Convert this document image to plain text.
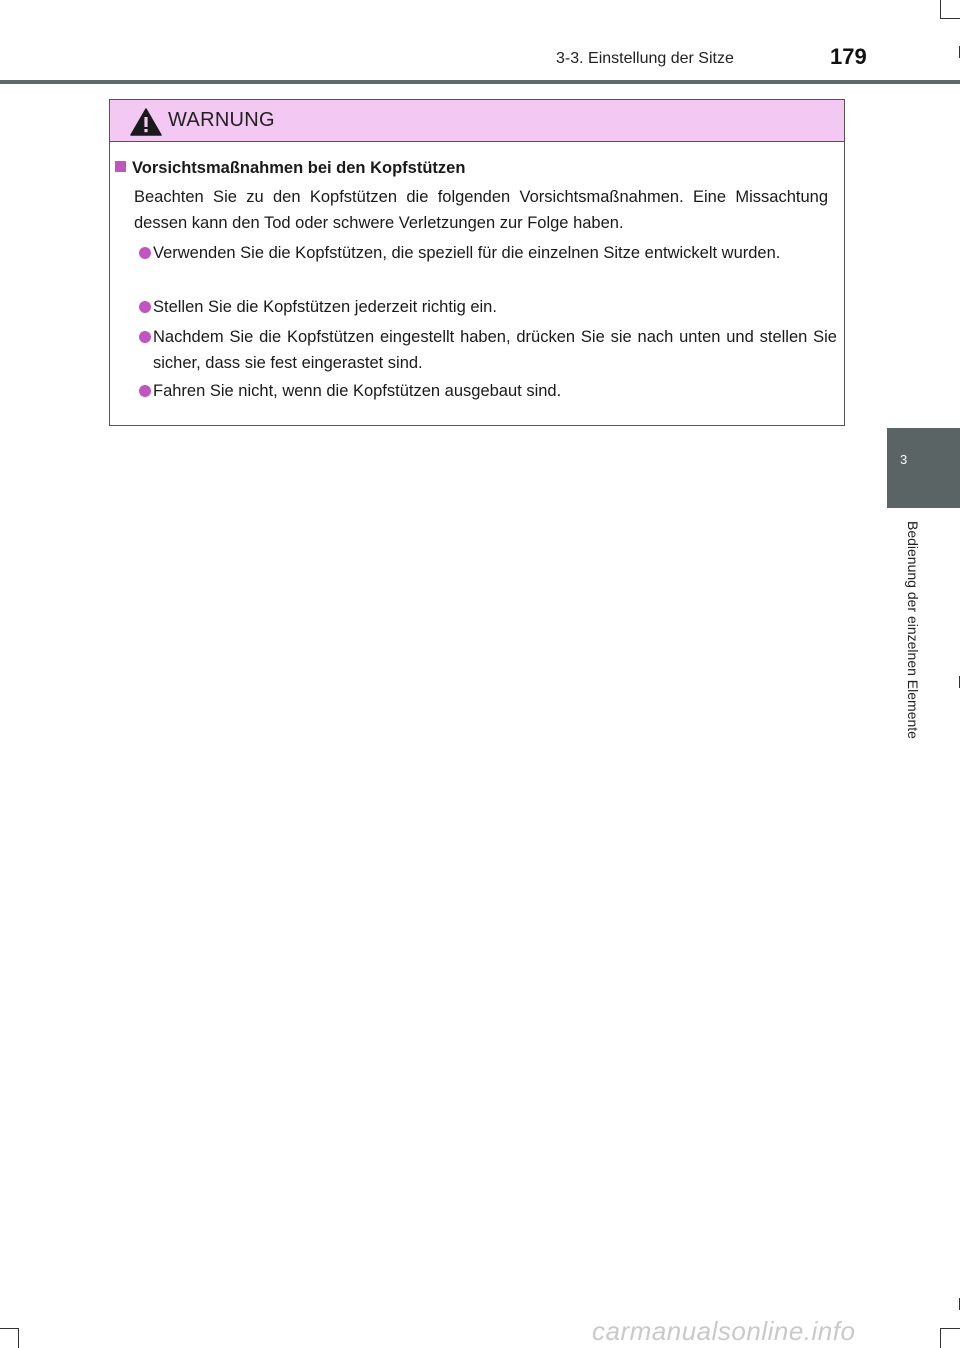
3-3. Einstellung der Sitze	179
3
Bedienung der einzelnen Elemente
WARNUNG
Vorsichtsmaßnahmen bei den Kopfstützen
Beachten Sie zu den Kopfstützen die folgenden Vorsichtsmaßnahmen. Eine Missachtung dessen kann den Tod oder schwere Verletzungen zur Folge haben.
Verwenden Sie die Kopfstützen, die speziell für die einzelnen Sitze entwickelt wurden.
Stellen Sie die Kopfstützen jederzeit richtig ein.
Nachdem Sie die Kopfstützen eingestellt haben, drücken Sie sie nach unten und stellen Sie sicher, dass sie fest eingerastet sind.
Fahren Sie nicht, wenn die Kopfstützen ausgebaut sind.
carmanualsonline.info
